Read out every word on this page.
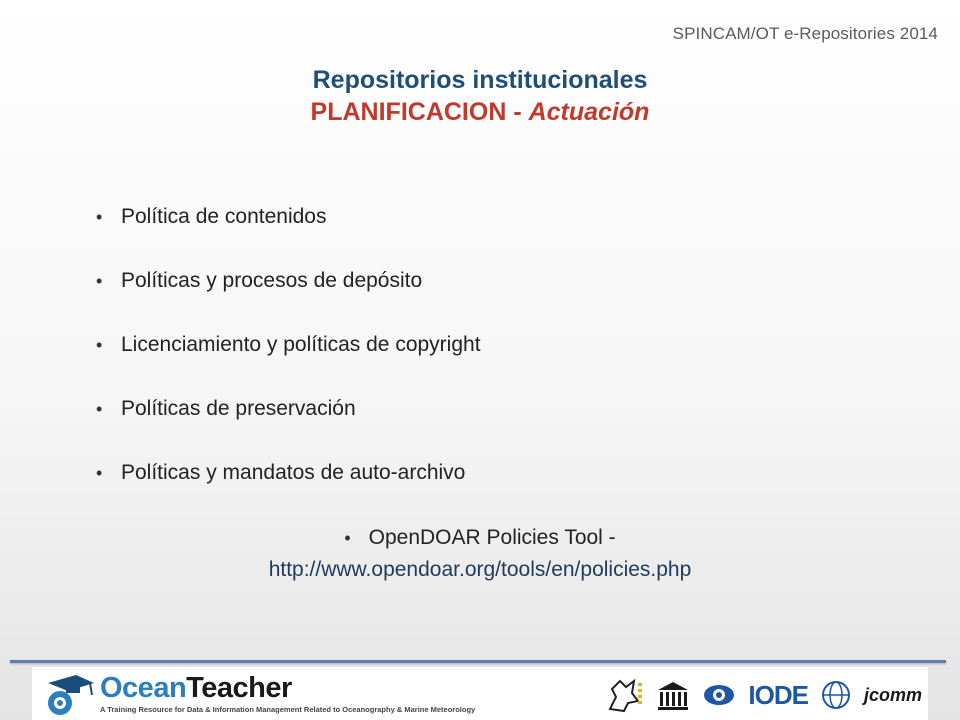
SPINCAM/OT e-Repositories 2014
Repositorios institucionales
PLANIFICACION - Actuación
• Política de contenidos
• Políticas y procesos de depósito
• Licenciamiento y políticas de copyright
• Políticas de preservación
• Políticas y mandatos de auto-archivo
• OpenDOAR Policies Tool -
http://www.opendoar.org/tools/en/policies.php
OceanTeacher
A Training Resource for Data & Information Management Related to Oceanography & Marine Meteorology	IODE	jcomm
